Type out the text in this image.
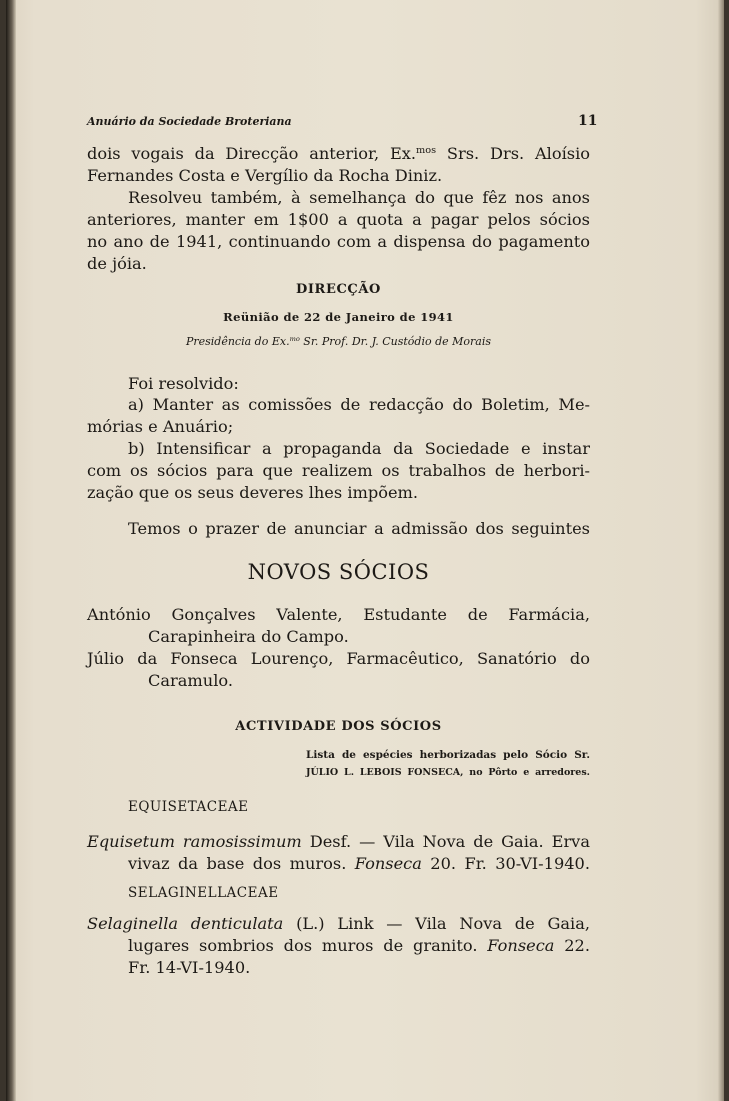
Anuário da Sociedade Broteriana	11
dois vogais da Direcção anterior, Ex.$^{mos}$ Srs. Drs. Aloísio
Fernandes Costa e Vergílio da Rocha Diniz.
Resolveu também, à semelhança do que fêz nos anos
anteriores, manter em 1$00 a quota a pagar pelos sócios
no ano de 1941, continuando com a dispensa do pagamento
de jóia.
DIRECÇÃO
Reünião de 22 de Janeiro de 1941
Presidência do Ex.$^{mo}$ Sr. Prof. Dr. J. Custódio de Morais
Foi resolvido:
a) Manter as comissões de redacção do Boletim, Me-
mórias e Anuário;
b) Intensificar a propaganda da Sociedade e instar
com os sócios para que realizem os trabalhos de herbori-
zação que os seus deveres lhes impõem.
Temos o prazer de anunciar a admissão dos seguintes
NOVOS SÓCIOS
António Gonçalves Valente, Estudante de Farmácia,
Carapinheira do Campo.
Júlio da Fonseca Lourenço, Farmacêutico, Sanatório do
Caramulo.
ACTIVIDADE DOS SÓCIOS
Lista de espécies herborizadas pelo Sócio Sr.
JÚLIO L. LEBOIS FONSECA, no Pôrto e arredores.
EQUISETACEAE
Equisetum ramosissimum Desf. — Vila Nova de Gaia. Erva
vivaz da base dos muros. Fonseca 20. Fr. 30-VI-1940.
SELAGINELLACEAE
Selaginella denticulata (L.) Link — Vila Nova de Gaia,
lugares sombrios dos muros de granito. Fonseca 22.
Fr. 14-VI-1940.
